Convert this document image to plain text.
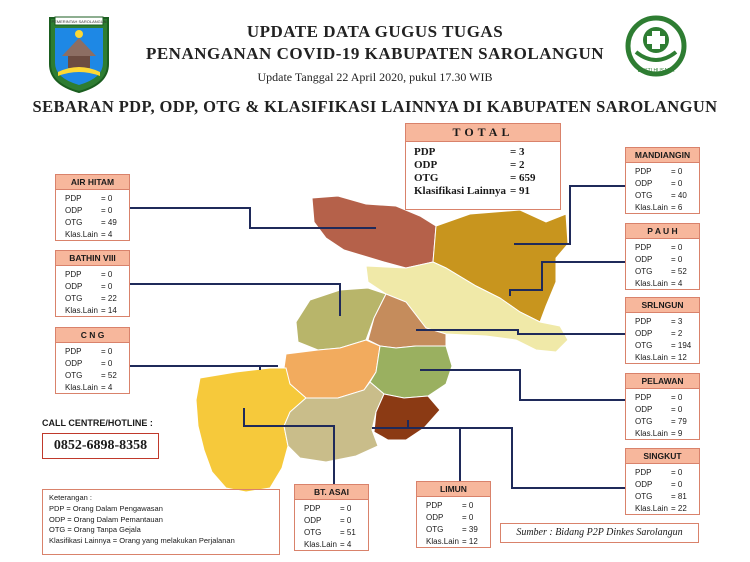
UPDATE DATA GUGUS TUGAS
PENANGANAN COVID-19 KABUPATEN SAROLANGUN
Update Tanggal 22 April 2020, pukul 17.30 WIB
SEBARAN PDP, ODP, OTG & KLASIFIKASI LAINNYA DI KABUPATEN SAROLANGUN
PEMERINTAH SAROLANGUN
BAKTI HUSADA
TOTAL
PDP	= 3
ODP	= 2
OTG	= 659
Klasifikasi Lainnya = 91
AIR HITAM
PDP	= 0
ODP	= 0
OTG	= 49
Klas.Lain = 4
BATHIN VIII
PDP	= 0
ODP	= 0
OTG	= 22
Klas.Lain = 14
C N G
PDP	= 0
ODP	= 0
OTG	= 52
Klas.Lain = 4
MANDIANGIN
PDP	= 0
ODP	= 0
OTG	= 40
Klas.Lain = 6
P A U H
PDP	= 0
ODP	= 0
OTG	= 52
Klas.Lain = 4
SRLNGUN
PDP	= 3
ODP	= 2
OTG	= 194
Klas.Lain = 12
PELAWAN
PDP	= 0
ODP	= 0
OTG	= 79
Klas.Lain = 9
SINGKUT
PDP	= 0
ODP	= 0
OTG	= 81
Klas.Lain = 22
BT. ASAI
PDP	= 0
ODP	= 0
OTG	= 51
Klas.Lain = 4
LIMUN
PDP	= 0
ODP	= 0
OTG	= 39
Klas.Lain = 12
CALL CENTRE/HOTLINE :
0852-6898-8358
Keterangan :
PDP = Orang Dalam Pengawasan
ODP = Orang Dalam Pemantauan
OTG = Orang Tanpa Gejala
Klasifikasi Lainnya = Orang yang melakukan Perjalanan
Sumber : Bidang P2P Dinkes Sarolangun
